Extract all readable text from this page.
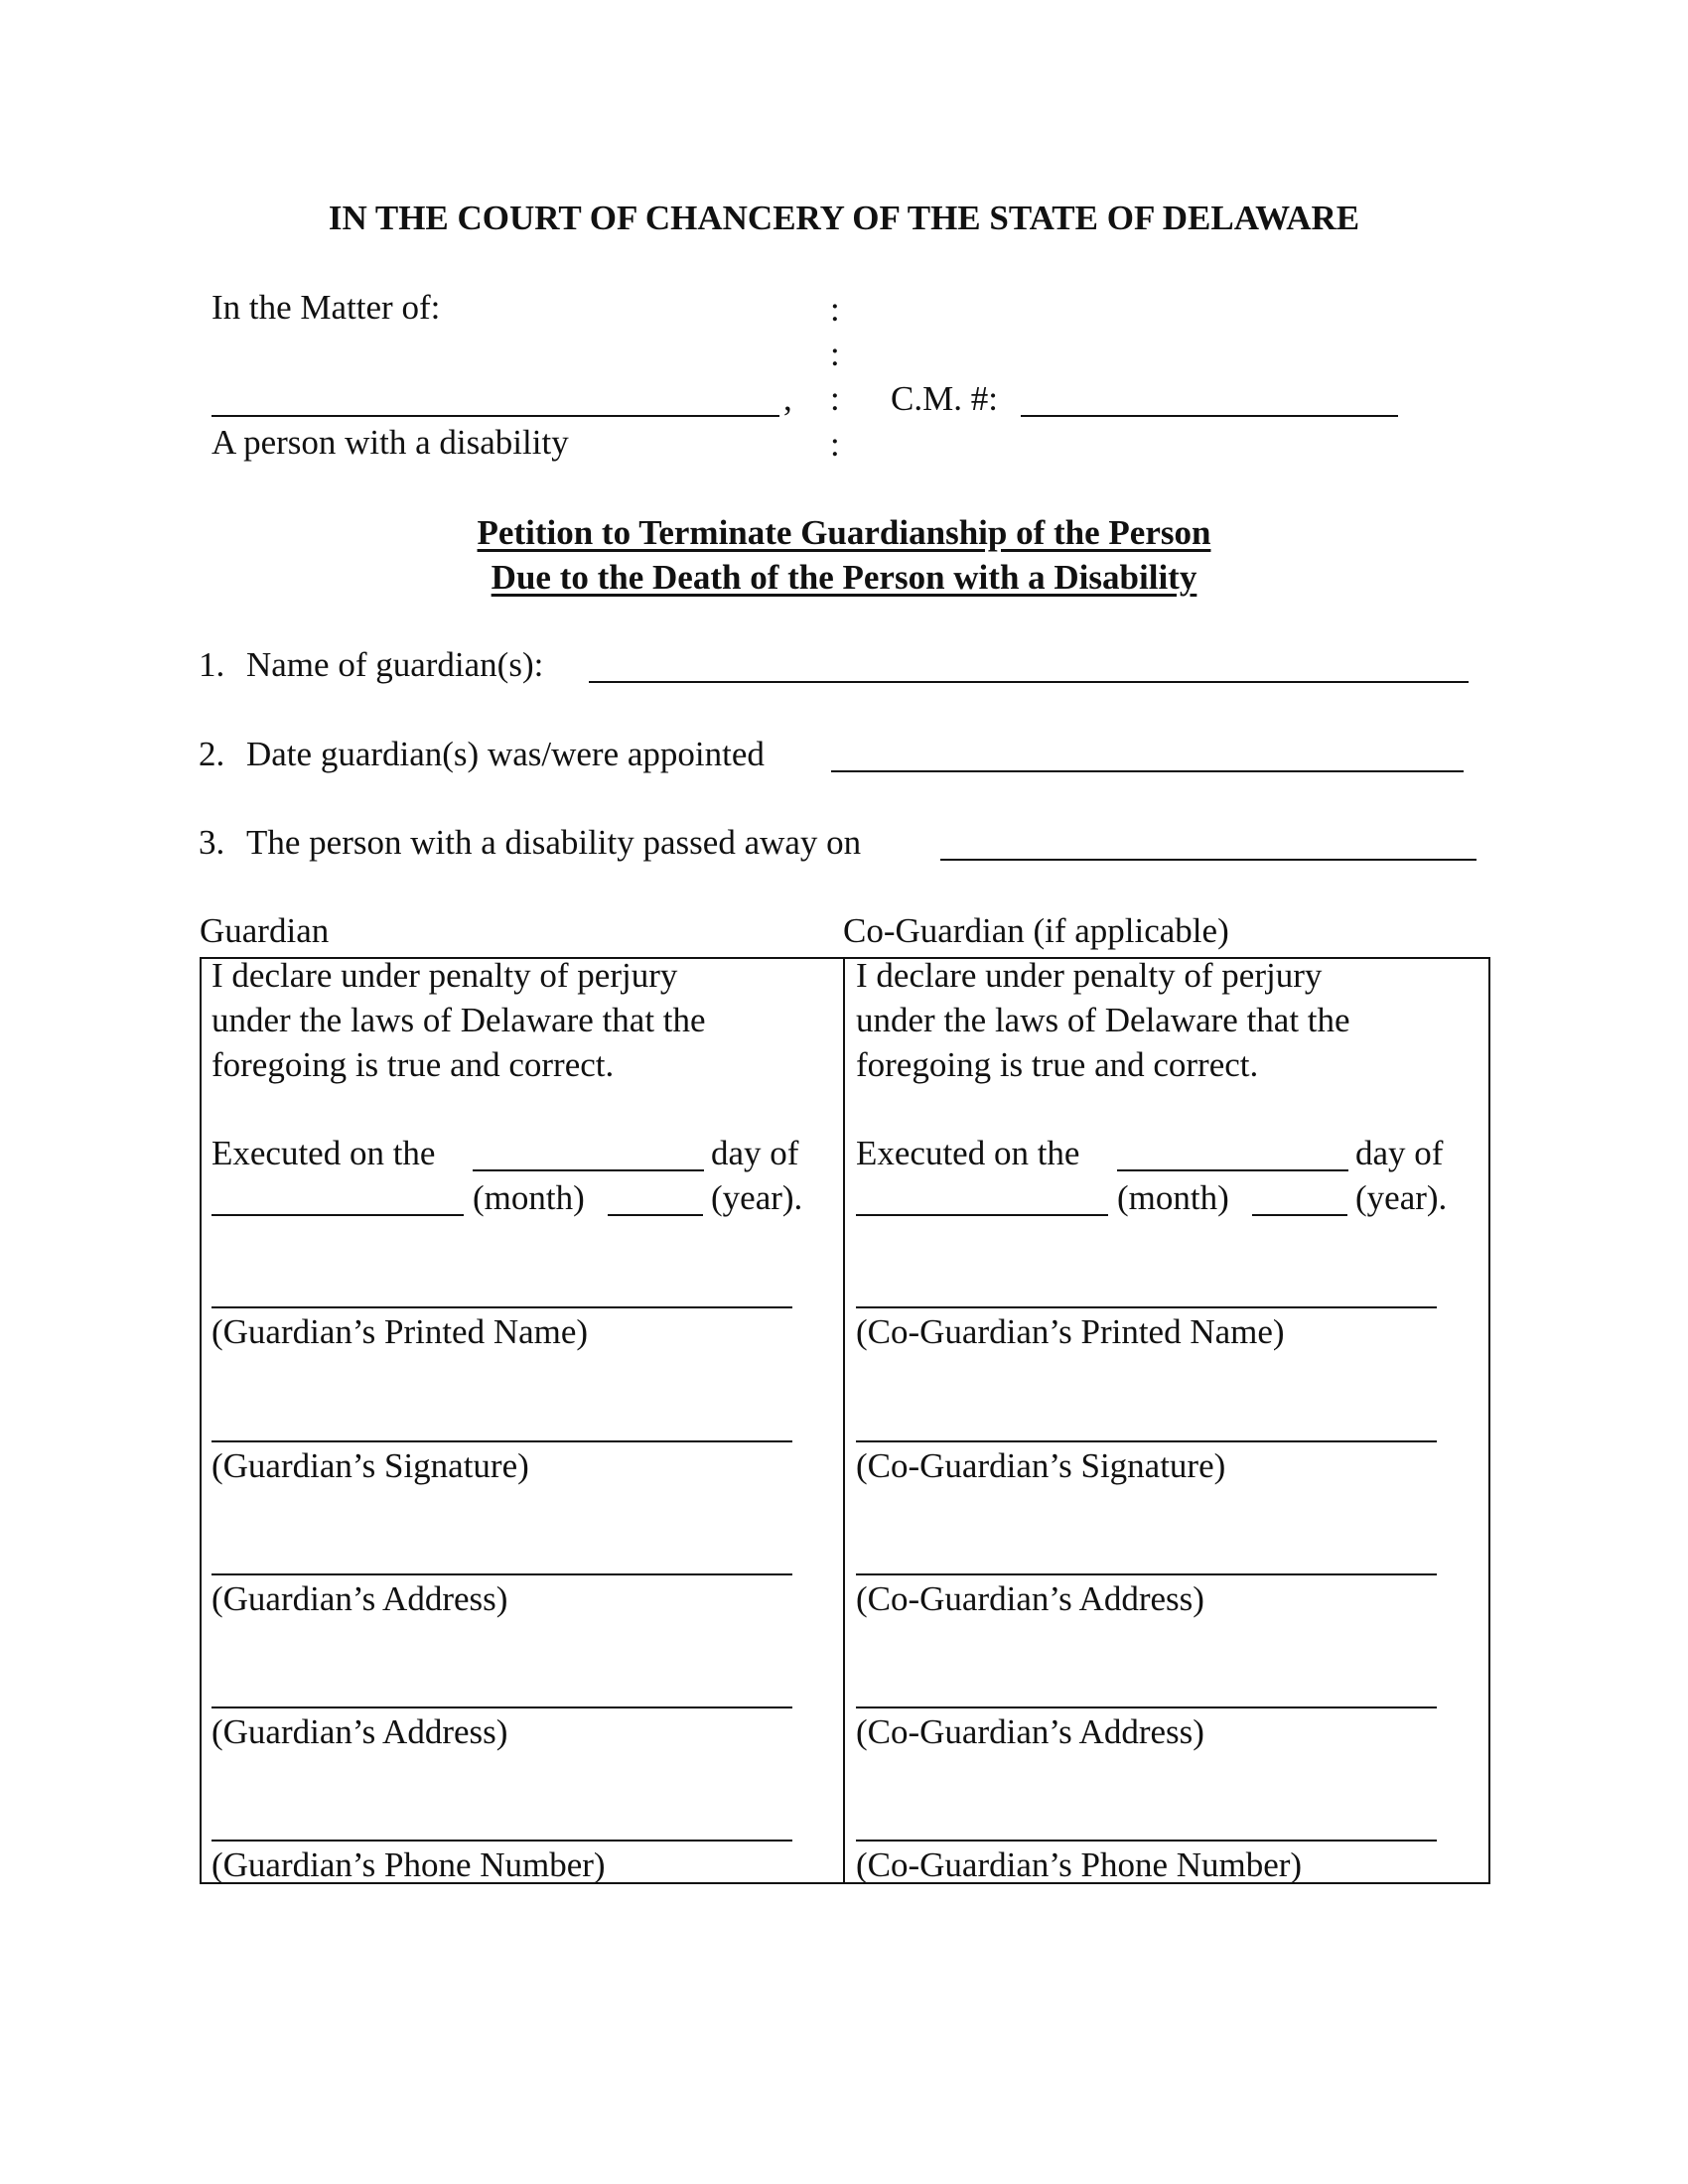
IN THE COURT OF CHANCERY OF THE STATE OF DELAWARE
In the Matter of:
,
A person with a disability
:
:
:
:
C.M. #:
Petition to Terminate Guardianship of the Person
Due to the Death of the Person with a Disability
1. Name of guardian(s):
2. Date guardian(s) was/were appointed
3. The person with a disability passed away on
Guardian	Co-Guardian (if applicable)
I declare under penalty of perjury
under the laws of Delaware that the
foregoing is true and correct.
Executed on the	day of
(month)	(year).
(Guardian’s Printed Name)
(Guardian’s Signature)
(Guardian’s Address)
(Guardian’s Address)
(Guardian’s Phone Number)
I declare under penalty of perjury
under the laws of Delaware that the
foregoing is true and correct.
Executed on the	day of
(month)	(year).
(Co-Guardian’s Printed Name)
(Co-Guardian’s Signature)
(Co-Guardian’s Address)
(Co-Guardian’s Address)
(Co-Guardian’s Phone Number)
